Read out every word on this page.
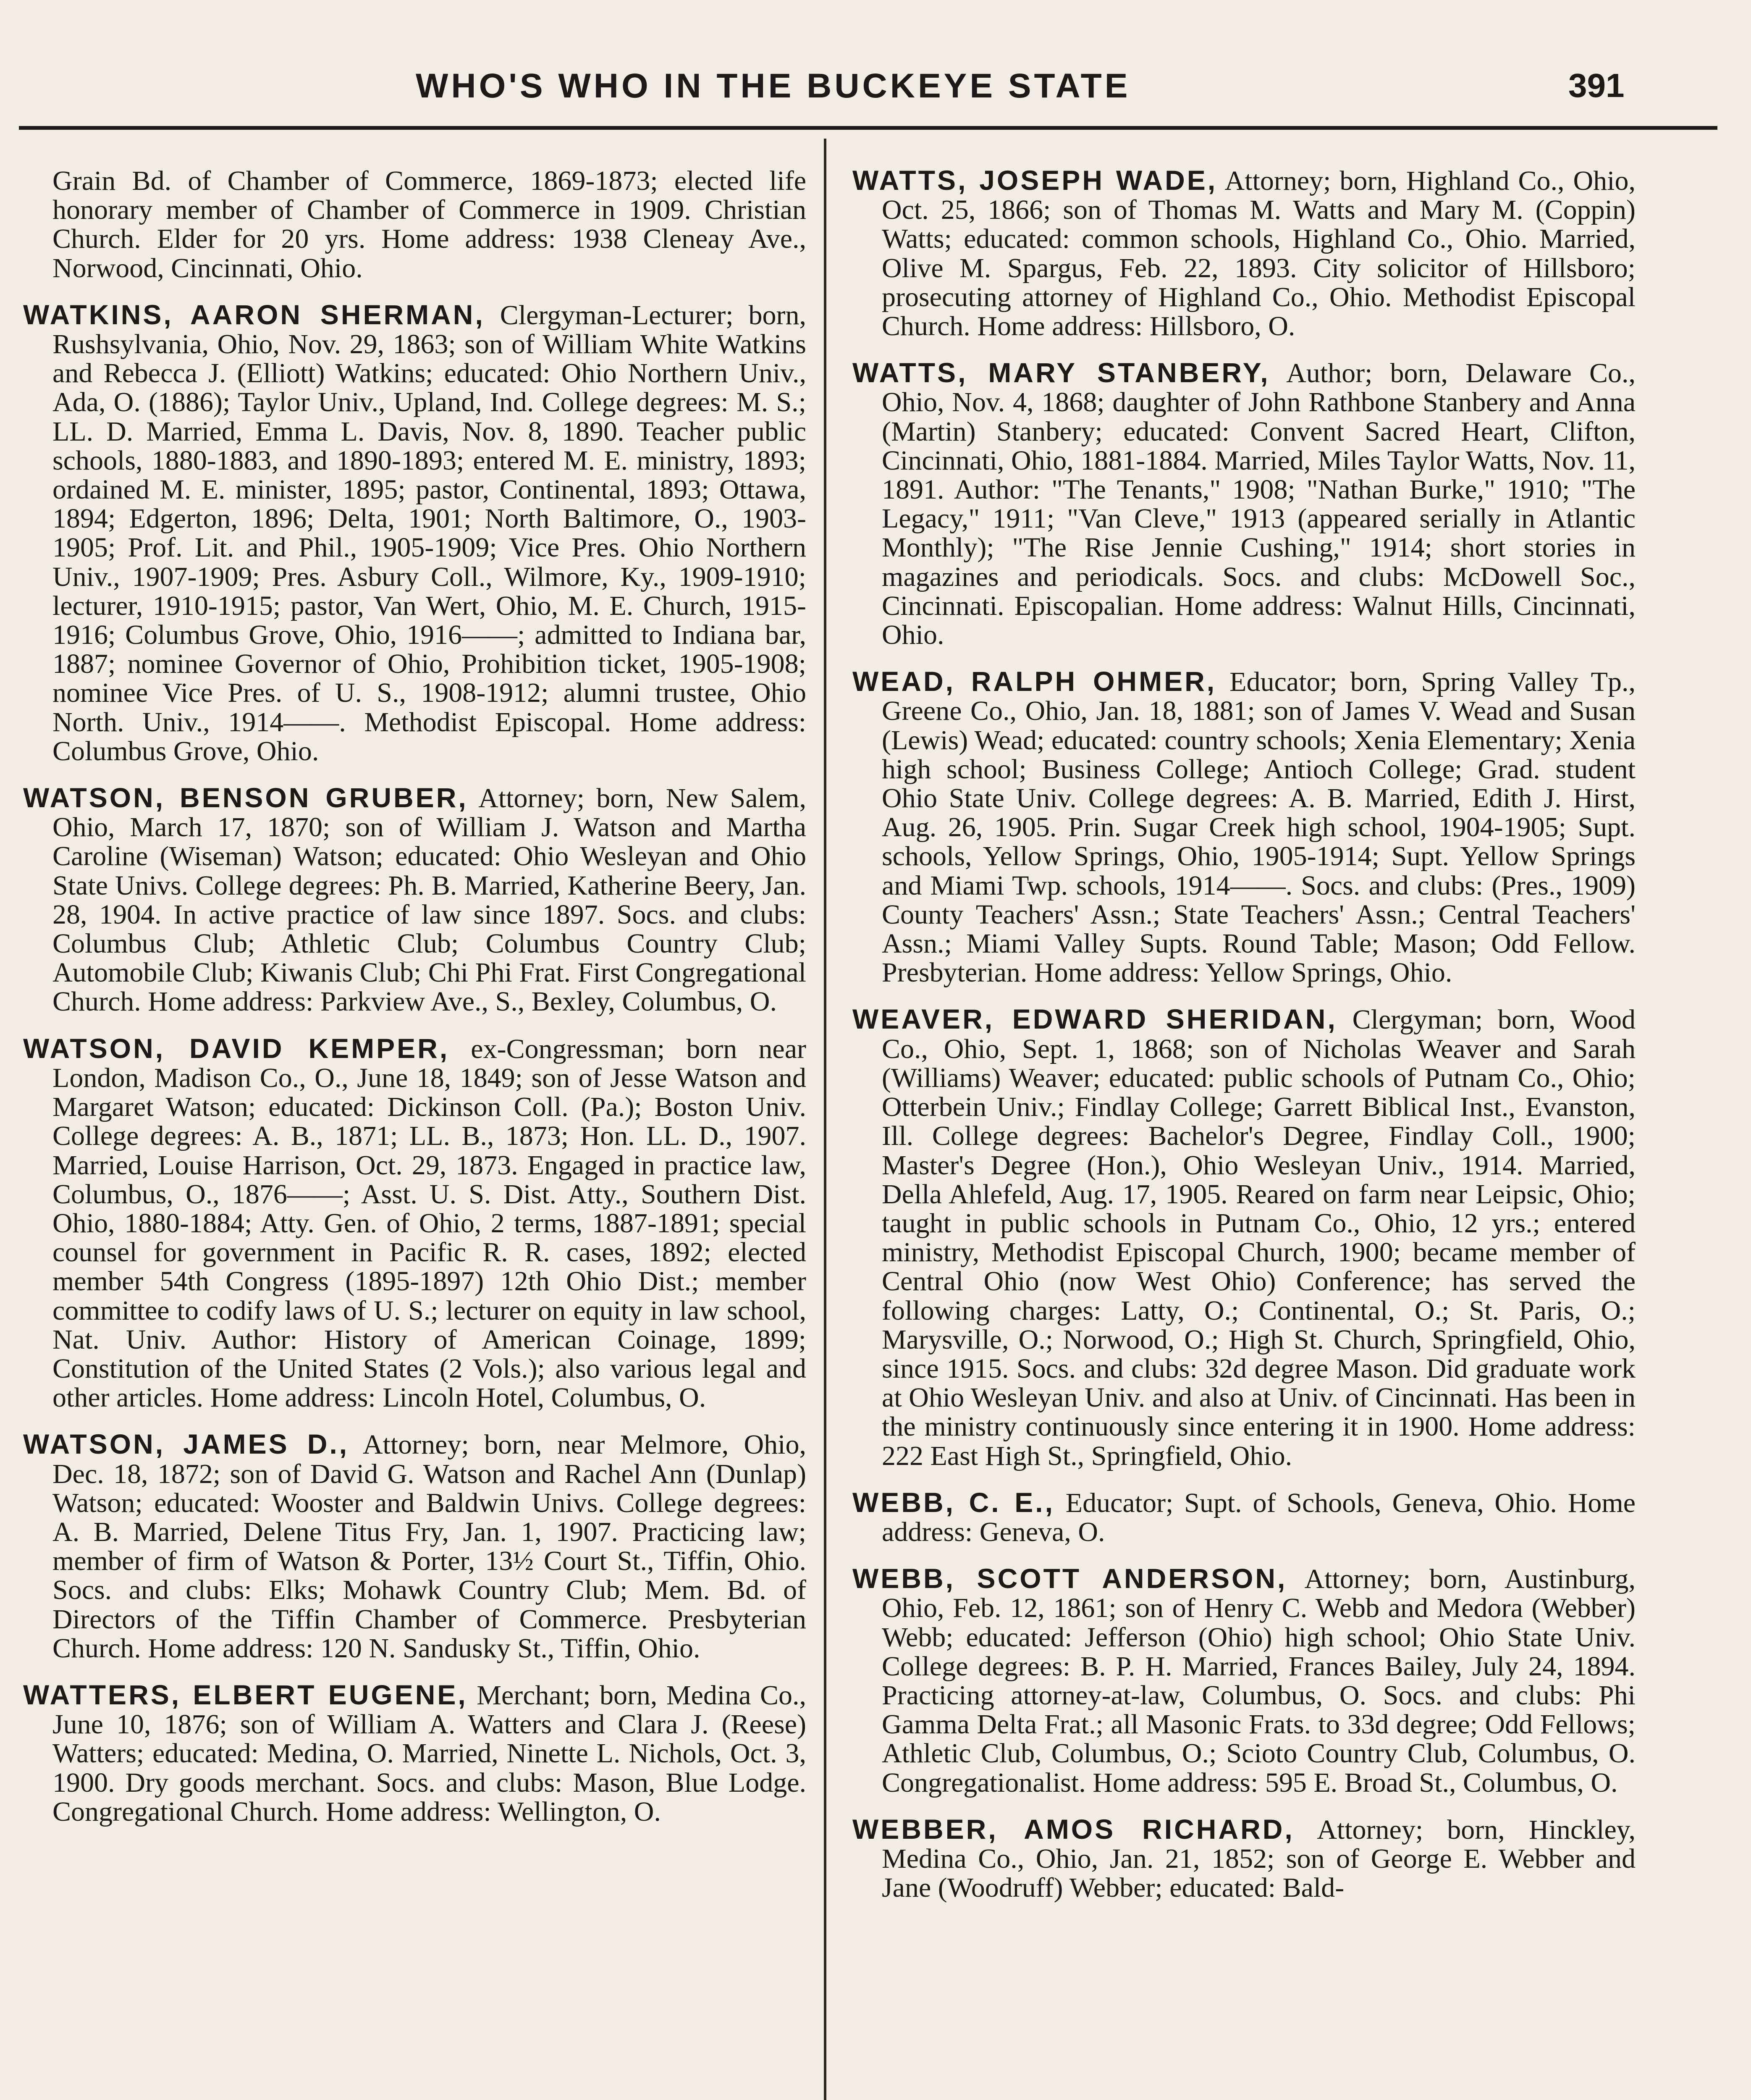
WHO'S WHO IN THE BUCKEYE STATE	391

Grain Bd. of Chamber of Commerce, 1869-1873; elected life honorary member of Chamber of Commerce in 1909. Christian Church. Elder for 20 yrs. Home address: 1938 Cleneay Ave., Norwood, Cincinnati, Ohio.

WATKINS, AARON SHERMAN, Clergyman-Lecturer; born, Rushsylvania, Ohio, Nov. 29, 1863; son of William White Watkins and Rebecca J. (Elliott) Watkins; educated: Ohio Northern Univ., Ada, O. (1886); Taylor Univ., Upland, Ind. College degrees: M. S.; LL. D. Married, Emma L. Davis, Nov. 8, 1890. Teacher public schools, 1880-1883, and 1890-1893; entered M. E. ministry, 1893; ordained M. E. minister, 1895; pastor, Continental, 1893; Ottawa, 1894; Edgerton, 1896; Delta, 1901; North Baltimore, O., 1903-1905; Prof. Lit. and Phil., 1905-1909; Vice Pres. Ohio Northern Univ., 1907-1909; Pres. Asbury Coll., Wilmore, Ky., 1909-1910; lecturer, 1910-1915; pastor, Van Wert, Ohio, M. E. Church, 1915-1916; Columbus Grove, Ohio, 1916——; admitted to Indiana bar, 1887; nominee Governor of Ohio, Prohibition ticket, 1905-1908; nominee Vice Pres. of U. S., 1908-1912; alumni trustee, Ohio North. Univ., 1914——. Methodist Episcopal. Home address: Columbus Grove, Ohio.

WATSON, BENSON GRUBER, Attorney; born, New Salem, Ohio, March 17, 1870; son of William J. Watson and Martha Caroline (Wiseman) Watson; educated: Ohio Wesleyan and Ohio State Univs. College degrees: Ph. B. Married, Katherine Beery, Jan. 28, 1904. In active practice of law since 1897. Socs. and clubs: Columbus Club; Athletic Club; Columbus Country Club; Automobile Club; Kiwanis Club; Chi Phi Frat. First Congregational Church. Home address: Parkview Ave., S., Bexley, Columbus, O.

WATSON, DAVID KEMPER, ex-Congressman; born near London, Madison Co., O., June 18, 1849; son of Jesse Watson and Margaret Watson; educated: Dickinson Coll. (Pa.); Boston Univ. College degrees: A. B., 1871; LL. B., 1873; Hon. LL. D., 1907. Married, Louise Harrison, Oct. 29, 1873. Engaged in practice law, Columbus, O., 1876——; Asst. U. S. Dist. Atty., Southern Dist. Ohio, 1880-1884; Atty. Gen. of Ohio, 2 terms, 1887-1891; special counsel for government in Pacific R. R. cases, 1892; elected member 54th Congress (1895-1897) 12th Ohio Dist.; member committee to codify laws of U. S.; lecturer on equity in law school, Nat. Univ. Author: History of American Coinage, 1899; Constitution of the United States (2 Vols.); also various legal and other articles. Home address: Lincoln Hotel, Columbus, O.

WATSON, JAMES D., Attorney; born, near Melmore, Ohio, Dec. 18, 1872; son of David G. Watson and Rachel Ann (Dunlap) Watson; educated: Wooster and Baldwin Univs. College degrees: A. B. Married, Delene Titus Fry, Jan. 1, 1907. Practicing law; member of firm of Watson & Porter, 13½ Court St., Tiffin, Ohio. Socs. and clubs: Elks; Mohawk Country Club; Mem. Bd. of Directors of the Tiffin Chamber of Commerce. Presbyterian Church. Home address: 120 N. Sandusky St., Tiffin, Ohio.

WATTERS, ELBERT EUGENE, Merchant; born, Medina Co., June 10, 1876; son of William A. Watters and Clara J. (Reese) Watters; educated: Medina, O. Married, Ninette L. Nichols, Oct. 3, 1900. Dry goods merchant. Socs. and clubs: Mason, Blue Lodge. Congregational Church. Home address: Wellington, O.

WATTS, JOSEPH WADE, Attorney; born, Highland Co., Ohio, Oct. 25, 1866; son of Thomas M. Watts and Mary M. (Coppin) Watts; educated: common schools, Highland Co., Ohio. Married, Olive M. Spargus, Feb. 22, 1893. City solicitor of Hillsboro; prosecuting attorney of Highland Co., Ohio. Methodist Episcopal Church. Home address: Hillsboro, O.

WATTS, MARY STANBERY, Author; born, Delaware Co., Ohio, Nov. 4, 1868; daughter of John Rathbone Stanbery and Anna (Martin) Stanbery; educated: Convent Sacred Heart, Clifton, Cincinnati, Ohio, 1881-1884. Married, Miles Taylor Watts, Nov. 11, 1891. Author: "The Tenants," 1908; "Nathan Burke," 1910; "The Legacy," 1911; "Van Cleve," 1913 (appeared serially in Atlantic Monthly); "The Rise Jennie Cushing," 1914; short stories in magazines and periodicals. Socs. and clubs: McDowell Soc., Cincinnati. Episcopalian. Home address: Walnut Hills, Cincinnati, Ohio.

WEAD, RALPH OHMER, Educator; born, Spring Valley Tp., Greene Co., Ohio, Jan. 18, 1881; son of James V. Wead and Susan (Lewis) Wead; educated: country schools; Xenia Elementary; Xenia high school; Business College; Antioch College; Grad. student Ohio State Univ. College degrees: A. B. Married, Edith J. Hirst, Aug. 26, 1905. Prin. Sugar Creek high school, 1904-1905; Supt. schools, Yellow Springs, Ohio, 1905-1914; Supt. Yellow Springs and Miami Twp. schools, 1914——. Socs. and clubs: (Pres., 1909) County Teachers' Assn.; State Teachers' Assn.; Central Teachers' Assn.; Miami Valley Supts. Round Table; Mason; Odd Fellow. Presbyterian. Home address: Yellow Springs, Ohio.

WEAVER, EDWARD SHERIDAN, Clergyman; born, Wood Co., Ohio, Sept. 1, 1868; son of Nicholas Weaver and Sarah (Williams) Weaver; educated: public schools of Putnam Co., Ohio; Otterbein Univ.; Findlay College; Garrett Biblical Inst., Evanston, Ill. College degrees: Bachelor's Degree, Findlay Coll., 1900; Master's Degree (Hon.), Ohio Wesleyan Univ., 1914. Married, Della Ahlefeld, Aug. 17, 1905. Reared on farm near Leipsic, Ohio; taught in public schools in Putnam Co., Ohio, 12 yrs.; entered ministry, Methodist Episcopal Church, 1900; became member of Central Ohio (now West Ohio) Conference; has served the following charges: Latty, O.; Continental, O.; St. Paris, O.; Marysville, O.; Norwood, O.; High St. Church, Springfield, Ohio, since 1915. Socs. and clubs: 32d degree Mason. Did graduate work at Ohio Wesleyan Univ. and also at Univ. of Cincinnati. Has been in the ministry continuously since entering it in 1900. Home address: 222 East High St., Springfield, Ohio.

WEBB, C. E., Educator; Supt. of Schools, Geneva, Ohio. Home address: Geneva, O.

WEBB, SCOTT ANDERSON, Attorney; born, Austinburg, Ohio, Feb. 12, 1861; son of Henry C. Webb and Medora (Webber) Webb; educated: Jefferson (Ohio) high school; Ohio State Univ. College degrees: B. P. H. Married, Frances Bailey, July 24, 1894. Practicing attorney-at-law, Columbus, O. Socs. and clubs: Phi Gamma Delta Frat.; all Masonic Frats. to 33d degree; Odd Fellows; Athletic Club, Columbus, O.; Scioto Country Club, Columbus, O. Congregationalist. Home address: 595 E. Broad St., Columbus, O.

WEBBER, AMOS RICHARD, Attorney; born, Hinckley, Medina Co., Ohio, Jan. 21, 1852; son of George E. Webber and Jane (Woodruff) Webber; educated: Bald-
